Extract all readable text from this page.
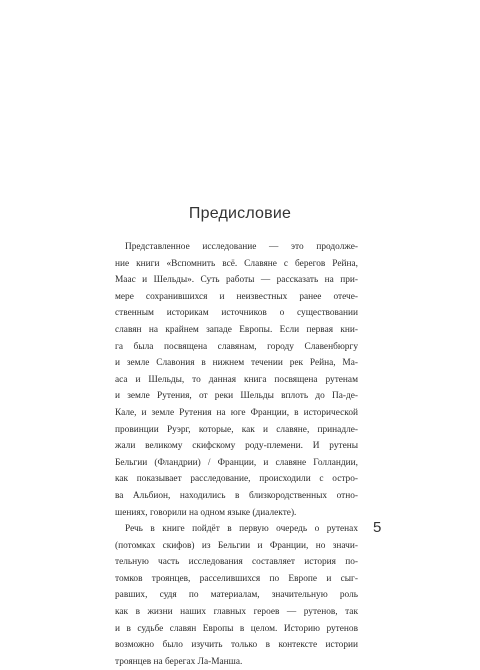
Предисловие
Представленное исследование — это продолже-
ние книги «Вспомнить всё. Славяне с берегов Рейна,
Маас и Шельды». Суть работы — рассказать на при-
мере сохранившихся и неизвестных ранее отече-
ственным историкам источников о существовании
славян на крайнем западе Европы. Если первая кни-
га была посвящена славянам, городу Славенбюргу
и земле Славония в нижнем течении рек Рейна, Ма-
аса и Шельды, то данная книга посвящена рутенам
и земле Рутения, от реки Шельды вплоть до Па-де-
Кале, и земле Рутения на юге Франции, в исторической
провинции Руэрг, которые, как и славяне, принадле-
жали великому скифскому роду-племени. И рутены
Бельгии (Фландрии) / Франции, и славяне Голландии,
как показывает расследование, происходили с остро-
ва Альбион, находились в близкородственных отно-
шениях, говорили на одном языке (диалекте).
Речь в книге пойдёт в первую очередь о рутенах
(потомках скифов) из Бельгии и Франции, но значи-
тельную часть исследования составляет история по-
томков троянцев, расселившихся по Европе и сыг-
равших, судя по материалам, значительную роль
как в жизни наших главных героев — рутенов, так
и в судьбе славян Европы в целом. Историю рутенов
возможно было изучить только в контексте истории
троянцев на берегах Ла-Манша.
5
